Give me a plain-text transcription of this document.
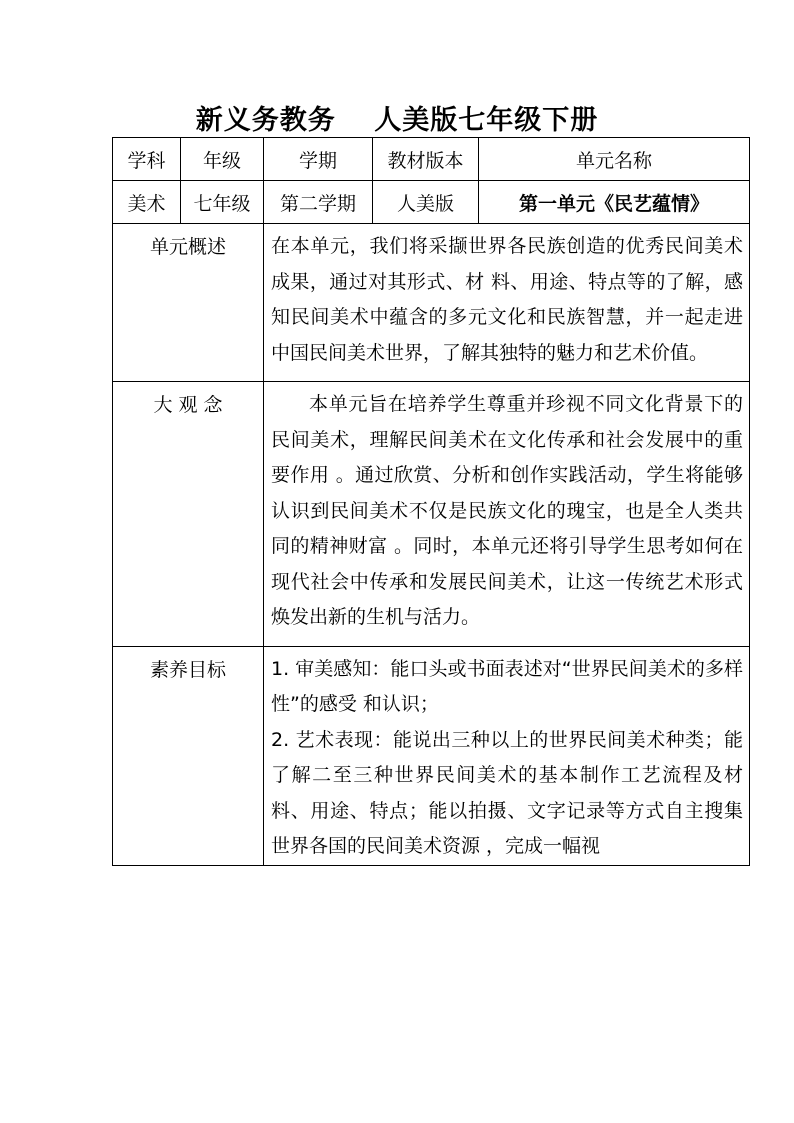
新义务教务　 人美版七年级下册
学科	年级	学期	教材版本	单元名称
美术	七年级	第二学期	人美版	第一单元《民艺蕴情》

单元概述		在本单元，我们将采撷世界各民族创造的优秀民间美术成果，通过对其形式、材 料、用途、特点等的了解，感知民间美术中蕴含的多元文化和民族智慧，并一起走进 中国民间美术世界，了解其独特的魅力和艺术价值。		

大 观 念		本单元旨在培养学生尊重并珍视不同文化背景下的民间美术，理解民间美术在文化传承和社会发展中的重要作用 。通过欣赏、分析和创作实践活动，学生将能够认识到民间美术不仅是民族文化的瑰宝，也是全人类共同的精神财富 。同时，本单元还将引导学生思考如何在现代社会中传承和发展民间美术，让这一传统艺术形式焕发出新的生机与活力。		

素养目标		1. 审美感知：能口头或书面表述对“世界民间美术的多样性”的感受 和认识；

2. 艺术表现：能说出三种以上的世界民间美术种类；能了解二至三种世界民间美术的基本制作工艺流程及材 料、用途、特点；能以拍摄、文字记录等方式自主搜集世界各国的民间美术资源 ，完成一幅视		
